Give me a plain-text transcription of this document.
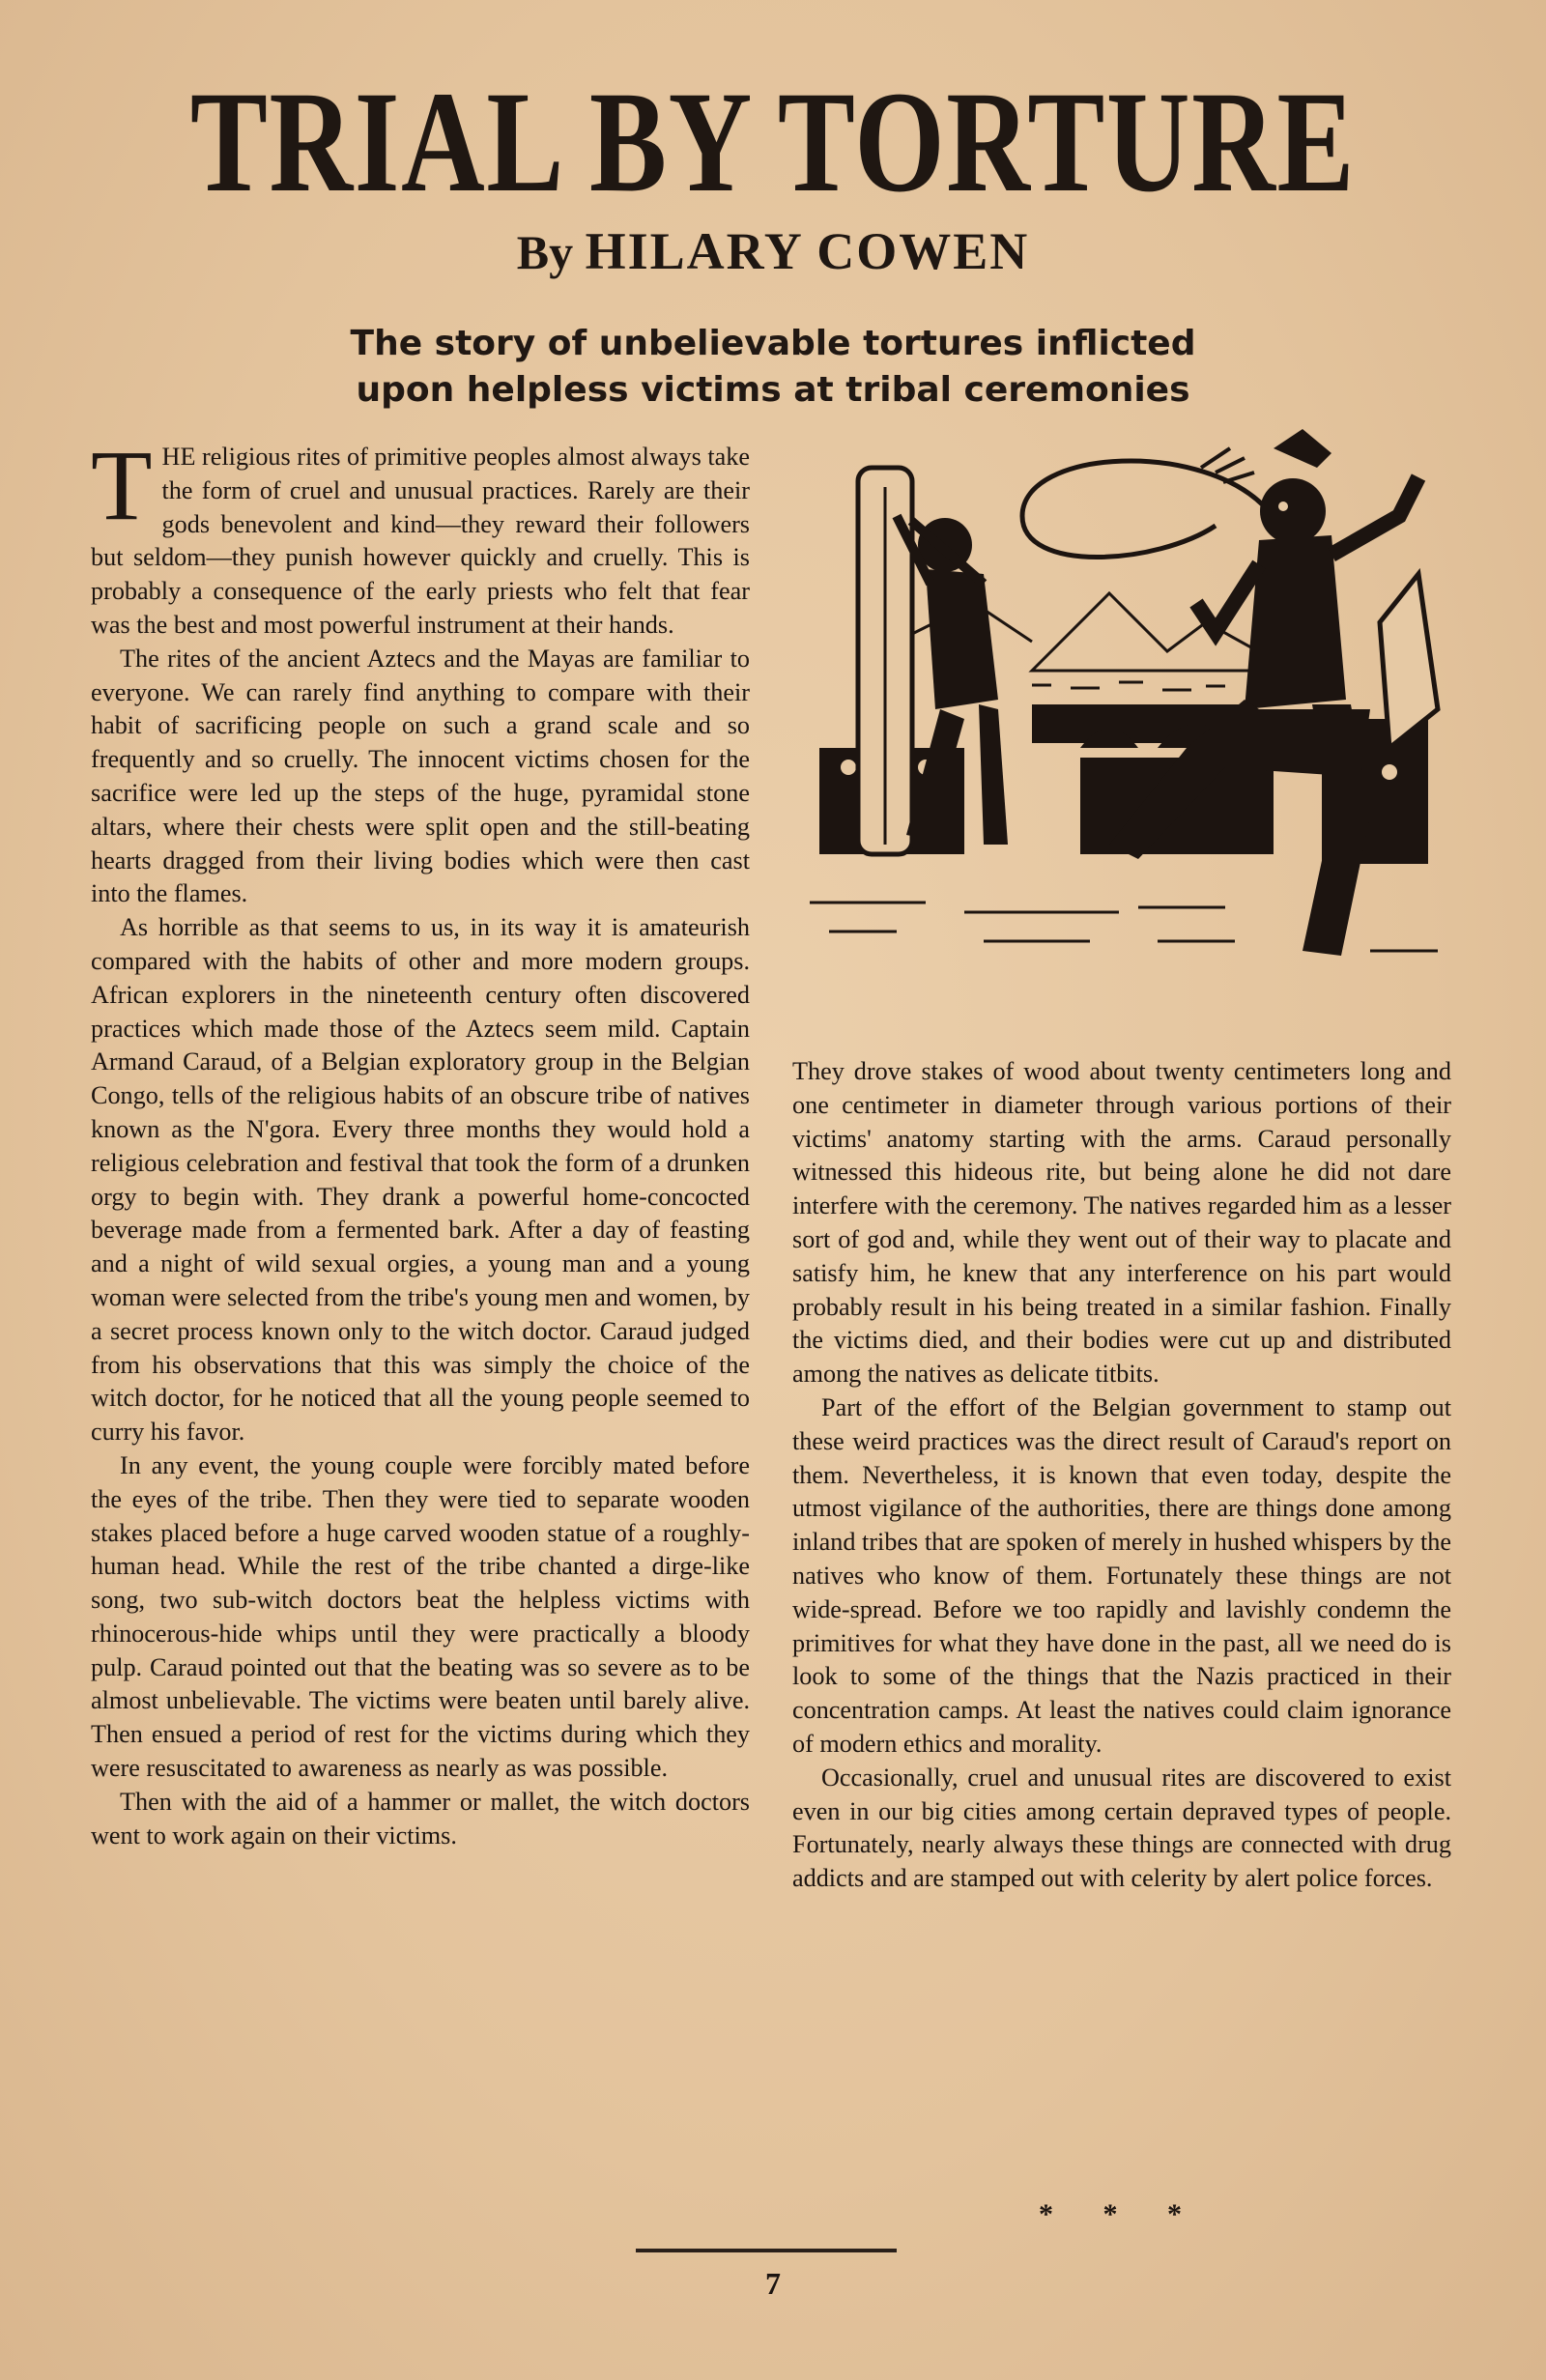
TRIAL BY TORTURE
By HILARY COWEN
The story of unbelievable tortures inflicted upon helpless victims at tribal ceremonies

THE religious rites of primitive peoples almost always take the form of cruel and unusual practices. Rarely are their gods benevolent and kind—they reward their followers but seldom—they punish however quickly and cruelly. This is probably a consequence of the early priests who felt that fear was the best and most powerful instrument at their hands.

The rites of the ancient Aztecs and the Mayas are familiar to everyone. We can rarely find anything to compare with their habit of sacrificing people on such a grand scale and so frequently and so cruelly. The innocent victims chosen for the sacrifice were led up the steps of the huge, pyramidal stone altars, where their chests were split open and the still-beating hearts dragged from their living bodies which were then cast into the flames.

As horrible as that seems to us, in its way it is amateurish compared with the habits of other and more modern groups. African explorers in the nineteenth century often discovered practices which made those of the Aztecs seem mild. Captain Armand Caraud, of a Belgian exploratory group in the Belgian Congo, tells of the religious habits of an obscure tribe of natives known as the N'gora. Every three months they would hold a religious celebration and festival that took the form of a drunken orgy to begin with. They drank a powerful home-concocted beverage made from a fermented bark. After a day of feasting and a night of wild sexual orgies, a young man and a young woman were selected from the tribe's young men and women, by a secret process known only to the witch doctor. Caraud judged from his observations that this was simply the choice of the witch doctor, for he noticed that all the young people seemed to curry his favor.

In any event, the young couple were forcibly mated before the eyes of the tribe. Then they were tied to separate wooden stakes placed before a huge carved wooden statue of a roughly-human head. While the rest of the tribe chanted a dirge-like song, two sub-witch doctors beat the helpless victims with rhinocerous-hide whips until they were practically a bloody pulp. Caraud pointed out that the beating was so severe as to be almost unbelievable. The victims were beaten until barely alive. Then ensued a period of rest for the victims during which they were resuscitated to awareness as nearly as was possible.

Then with the aid of a hammer or mallet, the witch doctors went to work again on their victims.

They drove stakes of wood about twenty centimeters long and one centimeter in diameter through various portions of their victims' anatomy starting with the arms. Caraud personally witnessed this hideous rite, but being alone he did not dare interfere with the ceremony. The natives regarded him as a lesser sort of god and, while they went out of their way to placate and satisfy him, he knew that any interference on his part would probably result in his being treated in a similar fashion. Finally the victims died, and their bodies were cut up and distributed among the natives as delicate titbits.

Part of the effort of the Belgian government to stamp out these weird practices was the direct result of Caraud's report on them. Nevertheless, it is known that even today, despite the utmost vigilance of the authorities, there are things done among inland tribes that are spoken of merely in hushed whispers by the natives who know of them. Fortunately these things are not wide-spread. Before we too rapidly and lavishly condemn the primitives for what they have done in the past, all we need do is look to some of the things that the Nazis practiced in their concentration camps. At least the natives could claim ignorance of modern ethics and morality.

Occasionally, cruel and unusual rites are discovered to exist even in our big cities among certain depraved types of people. Fortunately, nearly always these things are connected with drug addicts and are stamped out with celerity by alert police forces.

* * *
7
